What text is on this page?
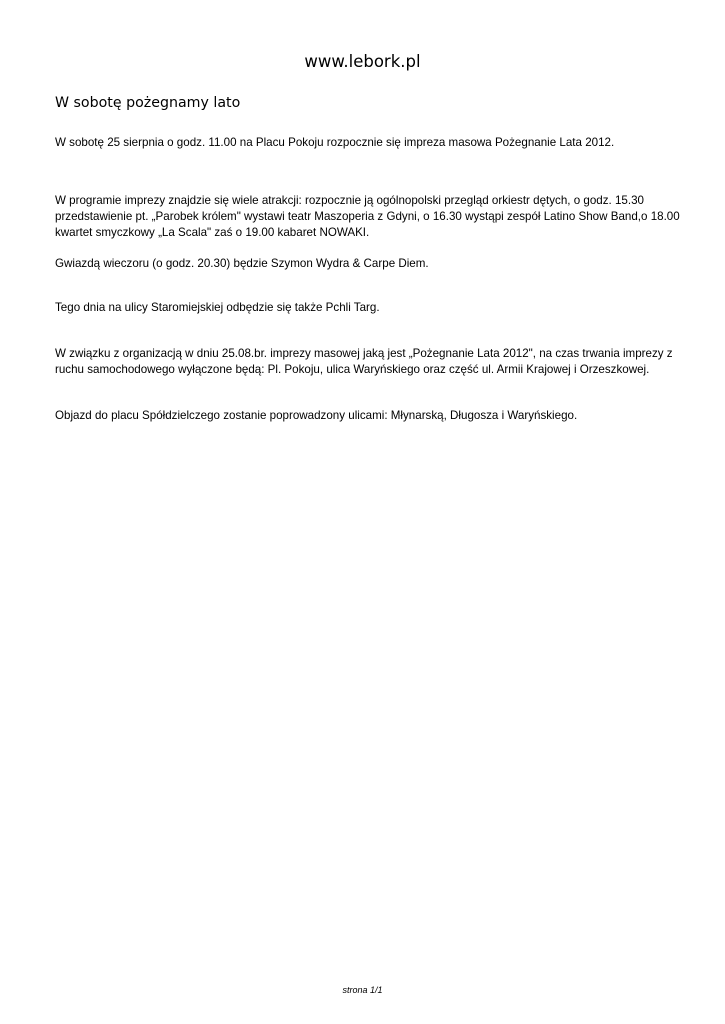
www.lebork.pl
W sobotę pożegnamy lato

W sobotę 25 sierpnia o godz. 11.00 na Placu Pokoju rozpocznie się impreza masowa Pożegnanie Lata 2012.

W programie imprezy znajdzie się wiele atrakcji: rozpocznie ją ogólnopolski przegląd orkiestr dętych, o godz. 15.30 przedstawienie pt. „Parobek królem" wystawi teatr Maszoperia z Gdyni, o 16.30 wystąpi zespół Latino Show Band,o 18.00 kwartet smyczkowy „La Scala" zaś o 19.00 kabaret NOWAKI.

Gwiazdą wieczoru (o godz. 20.30) będzie Szymon Wydra & Carpe Diem.

Tego dnia na ulicy Staromiejskiej odbędzie się także Pchli Targ.

W związku z organizacją w dniu 25.08.br. imprezy masowej jaką jest „Pożegnanie Lata 2012", na czas trwania imprezy z ruchu samochodowego wyłączone będą: Pl. Pokoju, ulica Waryńskiego oraz część ul. Armii Krajowej i Orzeszkowej.

Objazd do placu Spółdzielczego zostanie poprowadzony ulicami: Młynarską, Długosza i Waryńskiego.

strona 1/1
